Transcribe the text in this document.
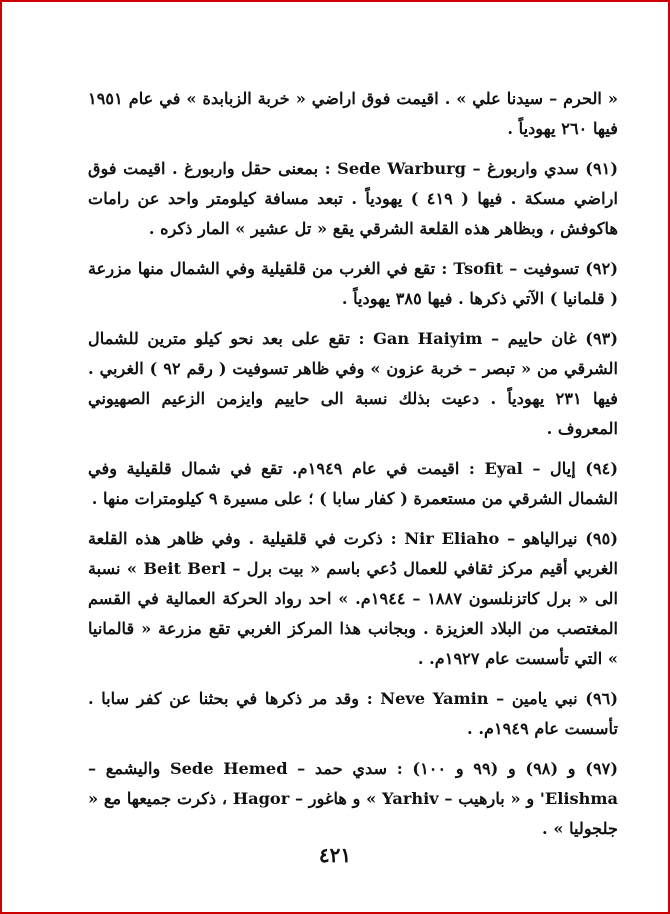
« الحرم – سيدنا علي » . اقيمت فوق اراضي « خربة الزبابدة » في عام ١٩٥١ فيها ٢٦٠ يهودياً .

(٩١) سدي واربورغ – Sede Warburg : بمعنى حقل واربورغ . اقيمت فوق اراضي مسكة . فيها ( ٤١٩ ) يهودياً . تبعد مسافة كيلومتر واحد عن رامات هاكوفش ، وبظاهر هذه القلعة الشرقي يقع « تل عشير » المار ذكره .

(٩٢) تسوفيت – Tsofit : تقع في الغرب من قلقيلية وفي الشمال منها مزرعة ( قلمانيا ) الآتي ذكرها . فيها ٣٨٥ يهودياً .

(٩٣) غان حاييم – Gan Haiyim : تقع على بعد نحو كيلو مترين للشمال الشرقي من « تبصر – خربة عزون » وفي ظاهر تسوفيت ( رقم ٩٢ ) الغربي . فيها ٢٣١ يهودياً . دعيت بذلك نسبة الى حاييم وايزمن الزعيم الصهيوني المعروف .

(٩٤) إيال – Eyal : اقيمت في عام ١٩٤٩م. تقع في شمال قلقيلية وفي الشمال الشرقي من مستعمرة ( كفار سابا ) ؛ على مسيرة ٩ كيلومترات منها .

(٩٥) نيرالياهو – Nir Eliaho : ذكرت في قلقيلية . وفي ظاهر هذه القلعة الغربي أقيم مركز ثقافي للعمال دُعي باسم « بيت برل – Beit Berl » نسبة الى « برل كاتزنلسون ١٨٨٧ – ١٩٤٤م. » احد رواد الحركة العمالية في القسم المغتصب من البلاد العزيزة . وبجانب هذا المركز الغربي تقع مزرعة « قالمانيا » التي تأسست عام ١٩٢٧م. .

(٩٦) نبي يامين – Neve Yamin : وقد مر ذكرها في بحثنا عن كفر سابا . تأسست عام ١٩٤٩م. .

(٩٧) و (٩٨) و (٩٩ و ١٠٠) : سدي حمد – Sede Hemed واليشمع – Elishma' و « بارهيب – Yarhiv » و هاغور – Hagor ، ذكرت جميعها مع « جلجوليا » .

٤٢١
